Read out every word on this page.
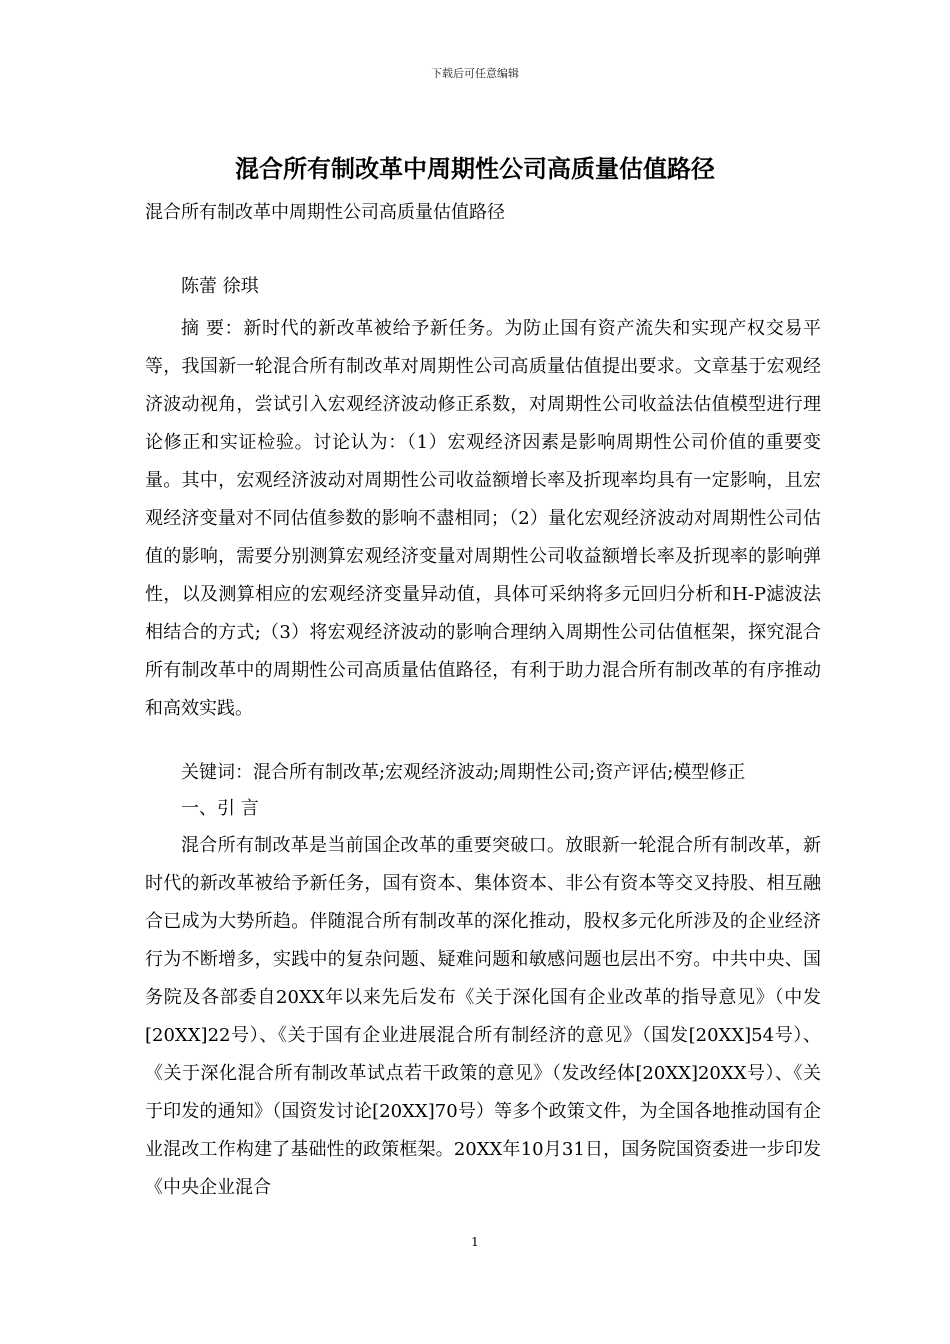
下载后可任意编辑
混合所有制改革中周期性公司高质量估值路径

混合所有制改革中周期性公司高质量估值路径

陈蕾 徐琪

摘 要：新时代的新改革被给予新任务。为防止国有资产流失和实现产权交易平等，我国新一轮混合所有制改革对周期性公司高质量估值提出要求。文章基于宏观经济波动视角，尝试引入宏观经济波动修正系数，对周期性公司收益法估值模型进行理论修正和实证检验。讨论认为：（1）宏观经济因素是影响周期性公司价值的重要变量。其中，宏观经济波动对周期性公司收益额增长率及折现率均具有一定影响，且宏观经济变量对不同估值参数的影响不盡相同；（2）量化宏观经济波动对周期性公司估值的影响，需要分别测算宏观经济变量对周期性公司收益额增长率及折现率的影响弹性，以及测算相应的宏观经济变量异动值，具体可采纳将多元回归分析和H-P滤波法相结合的方式;（3）将宏观经济波动的影响合理纳入周期性公司估值框架，探究混合所有制改革中的周期性公司高质量估值路径，有利于助力混合所有制改革的有序推动和高效实践。

关键词：混合所有制改革;宏观经济波动;周期性公司;资产评估;模型修正

一、引 言

混合所有制改革是当前国企改革的重要突破口。放眼新一轮混合所有制改革，新时代的新改革被给予新任务，国有资本、集体资本、非公有资本等交叉持股、相互融合已成为大势所趋。伴随混合所有制改革的深化推动，股权多元化所涉及的企业经济行为不断增多，实践中的复杂问题、疑难问题和敏感问题也层出不穷。中共中央、国务院及各部委自20XX年以来先后发布《关于深化国有企业改革的指导意见》（中发[20XX]22号）、《关于国有企业进展混合所有制经济的意见》（国发[20XX]54号）、《关于深化混合所有制改革试点若干政策的意见》（发改经体[20XX]20XX号）、《关于印发的通知》（国资发讨论[20XX]70号）等多个政策文件，为全国各地推动国有企业混改工作构建了基础性的政策框架。20XX年10月31日，国务院国资委进一步印发《中央企业混合

1
